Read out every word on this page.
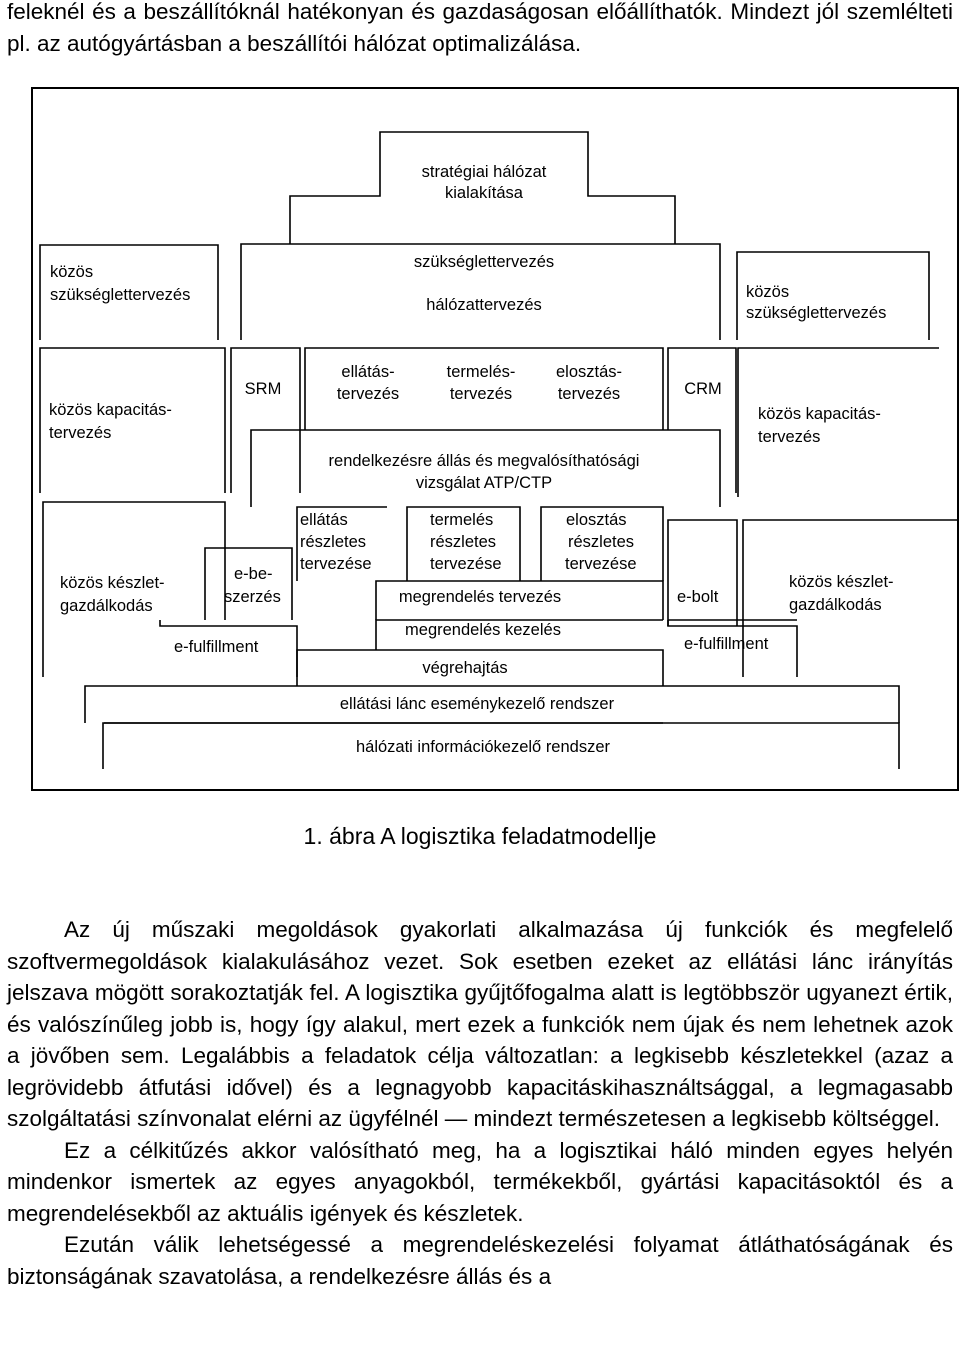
feleknél és a beszállítóknál hatékonyan és gazdaságosan előállíthatók. Mindezt jól szemlélteti pl. az autógyártásban a beszállítói hálózat optimalizálása.

stratégiai hálózat
kialakítása
közös
szükséglettervezés
szükséglettervezés
hálózattervezés
közös
szükséglettervezés
közös kapacitás-
tervezés
SRM
ellátás-
tervezés
termelés-
tervezés
elosztás-
tervezés	CRM
közös kapacitás-
tervezés
rendelkezésre állás és megvalósíthatósági
vizsgálat ATP/CTP
közös készlet-
gazdálkodás
e-be-
szerzés
ellátás
részletes
tervezése
termelés
részletes
tervezése
elosztás
részletes
tervezése
megrendelés tervezés	e-bolt
közös készlet-
gazdálkodás
megrendelés kezelés
e-fulfillment	e-fulfillment
végrehajtás
ellátási lánc eseménykezelő rendszer
hálózati információkezelő rendszer
1. ábra A logisztika feladatmodellje

Az új műszaki megoldások gyakorlati alkalmazása új funkciók és megfelelő szoftvermegoldások kialakulásához vezet. Sok esetben ezeket az ellátási lánc irányítás jelszava mögött sorakoztatják fel. A logisztika gyűjtőfogalma alatt is legtöbbször ugyanezt értik, és valószínűleg jobb is, hogy így alakul, mert ezek a funkciók nem újak és nem lehetnek azok a jövőben sem. Legalábbis a feladatok célja változatlan: a legkisebb készletekkel (azaz a legrövidebb átfutási idővel) és a legnagyobb kapacitáskihasználtsággal, a legmagasabb szolgáltatási színvonalat elérni az ügyfélnél — mindezt természetesen a legkisebb költséggel.

Ez a célkitűzés akkor valósítható meg, ha a logisztikai háló minden egyes helyén mindenkor ismertek az egyes anyagokból, termékekből, gyártási kapacitásoktól és a megrendelésekből az aktuális igények és készletek.

Ezután válik lehetségessé a megrendeléskezelési folyamat átláthatóságának és biztonságának szavatolása, a rendelkezésre állás és a
